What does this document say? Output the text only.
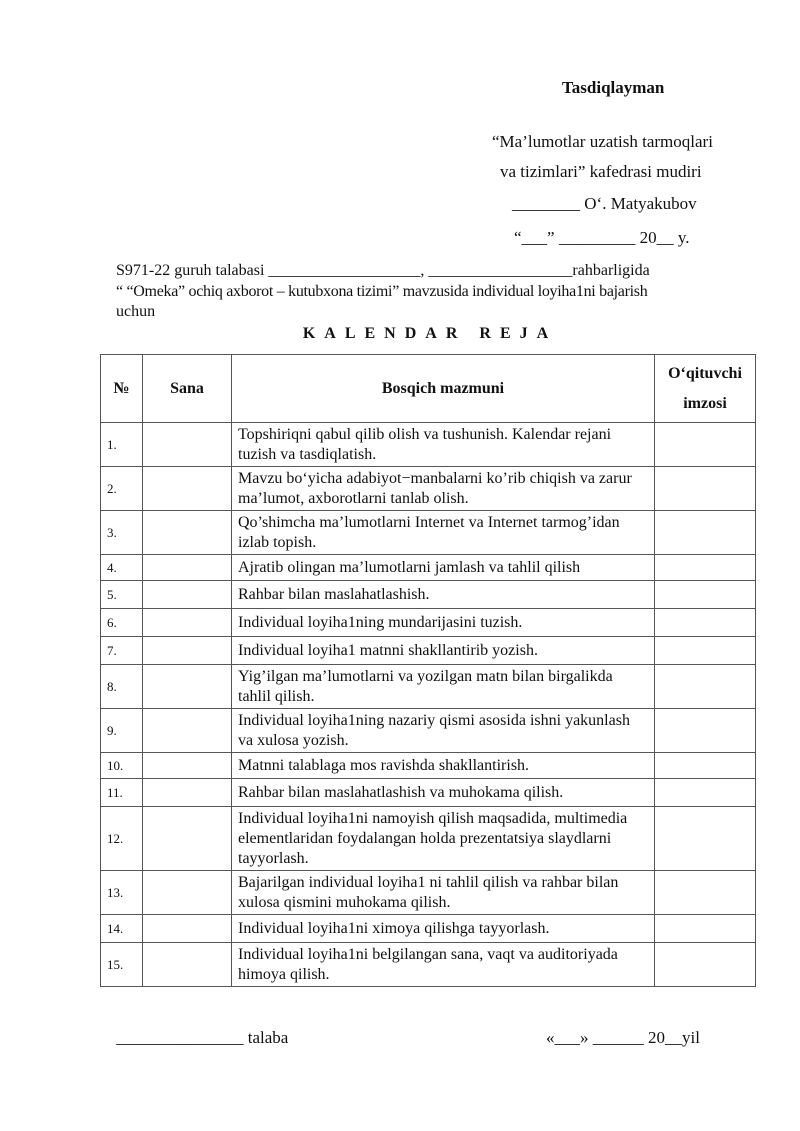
Tasdiqlayman
“Ma’lumotlar uzatish tarmoqlari
va tizimlari” kafedrasi mudiri
________ O‘. Matyakubov
“___” _________ 20__ y.
S971-22 guruh talabasi ___________________, __________________rahbarligida
“ “Omeka” ochiq axborot – kutubxona tizimi” mavzusida individual loyiha1ni bajarish
uchun
KALENDAR REJA
№	Sana	Bosqich mazmuni	O‘qituvchi
imzosi
1.		Topshiriqni qabul qilib olish va tushunish. Kalendar rejani tuzish va tasdiqlatish.	
2.		Mavzu bo‘yicha adabiyot−manbalarni ko’rib chiqish va zarur ma’lumot, axborotlarni tanlab olish.	
3.		Qo’shimcha ma’lumotlarni Internet va Internet tarmog’idan izlab topish.	
4.		Ajratib olingan ma’lumotlarni jamlash va tahlil qilish	
5.		Rahbar bilan maslahatlashish.	
6.		Individual loyiha1ning mundarijasini tuzish.	
7.		Individual loyiha1 matnni shakllantirib yozish.	
8.		Yig’ilgan ma’lumotlarni va yozilgan matn bilan birgalikda tahlil qilish.	
9.		Individual loyiha1ning nazariy qismi asosida ishni yakunlash va xulosa yozish.	
10.		Matnni talablaga mos ravishda shakllantirish.	
11.		Rahbar bilan maslahatlashish va muhokama qilish.	
12.		Individual loyiha1ni namoyish qilish maqsadida, multimedia elementlaridan foydalangan holda prezentatsiya slaydlarni tayyorlash.	
13.		Bajarilgan individual loyiha1 ni tahlil qilish va rahbar bilan xulosa qismini muhokama qilish.	
14.		Individual loyiha1ni ximoya qilishga tayyorlash.	
15.		Individual loyiha1ni belgilangan sana, vaqt va auditoriyada himoya qilish.	
_______________ talaba	«___» ______ 20__yil
